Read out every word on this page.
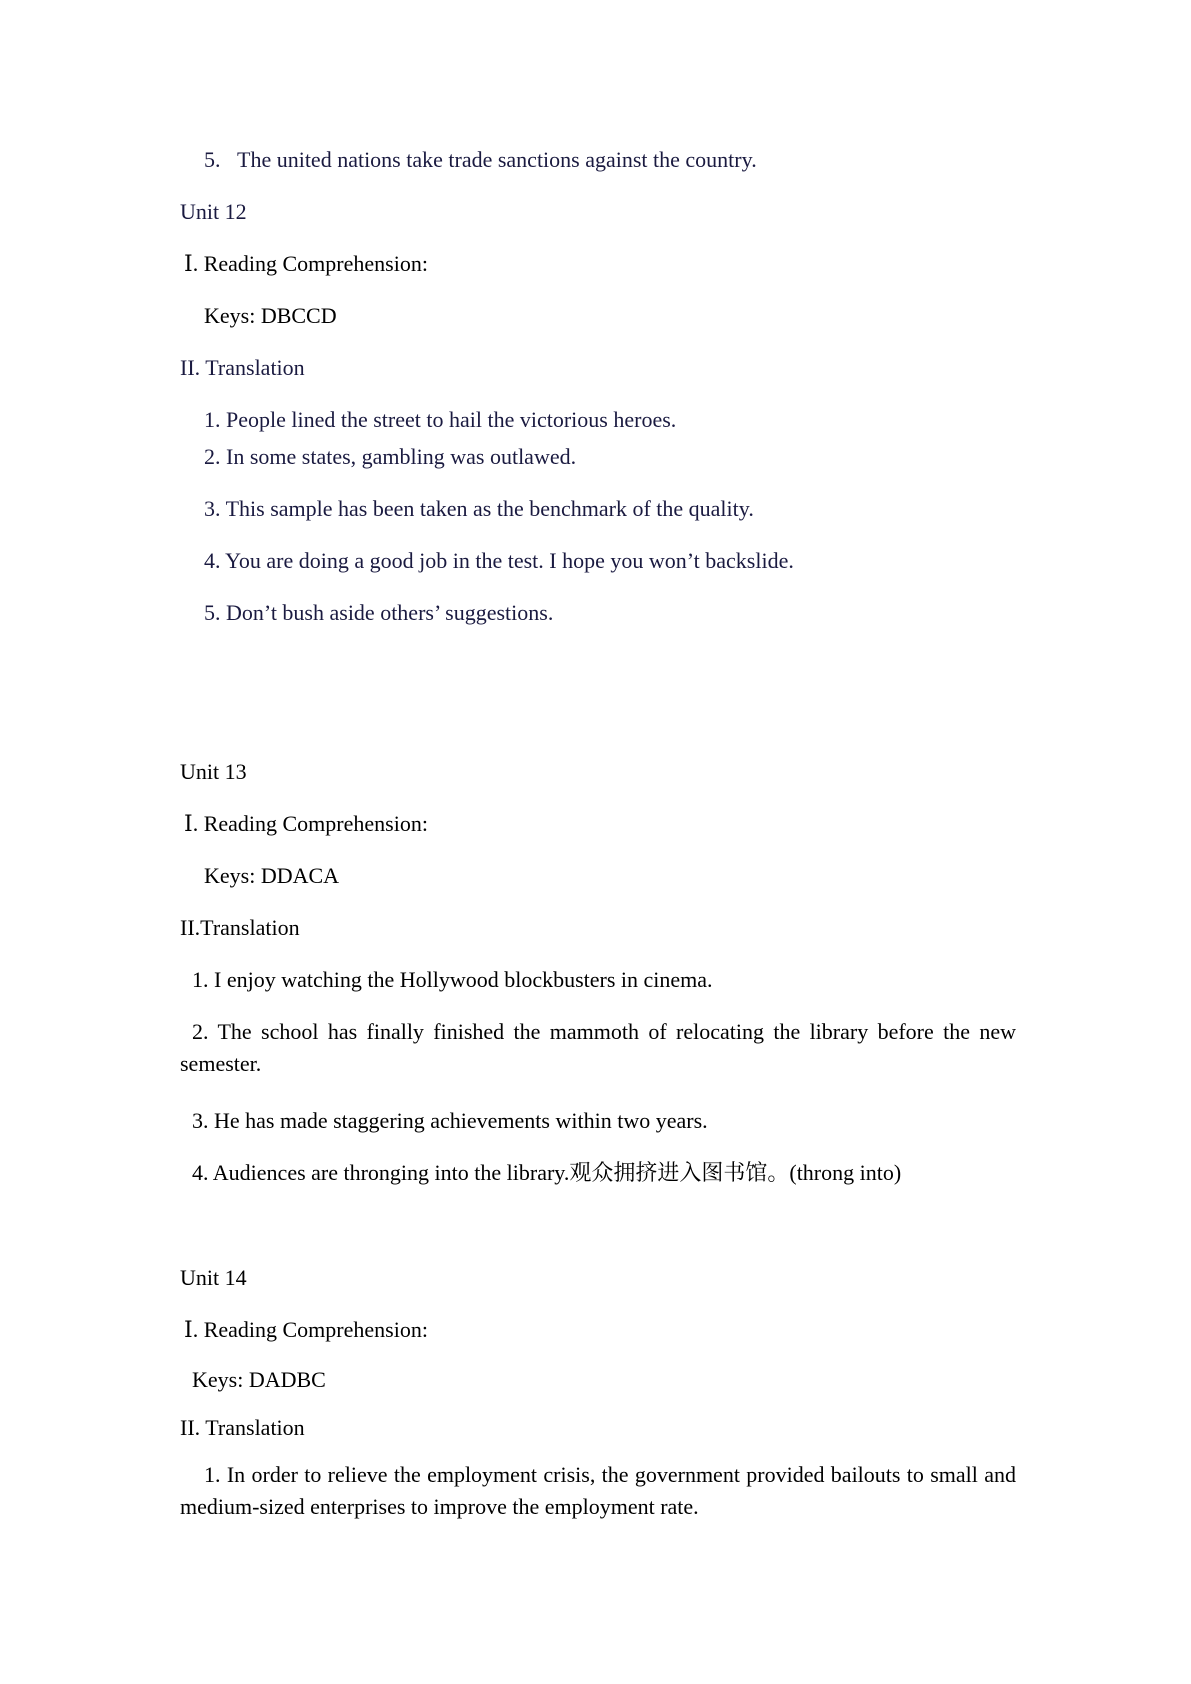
5.   The united nations take trade sanctions against the country.

Unit 12

Ⅰ. Reading Comprehension:

Keys: DBCCD

II. Translation

1. People lined the street to hail the victorious heroes.

2. In some states, gambling was outlawed.

3. This sample has been taken as the benchmark of the quality.

4. You are doing a good job in the test. I hope you won’t backslide.

5. Don’t bush aside others’ suggestions.

Unit 13

Ⅰ. Reading Comprehension:

Keys: DDACA

II.Translation

1. I enjoy watching the Hollywood blockbusters in cinema.

2. The school has finally finished the mammoth of relocating the library before the new semester.

3. He has made staggering achievements within two years.

4. Audiences are thronging into the library.观众拥挤进入图书馆。(throng into)

Unit 14

Ⅰ. Reading Comprehension:

Keys: DADBC

II. Translation

1. In order to relieve the employment crisis, the government provided bailouts to small and medium-sized enterprises to improve the employment rate.
